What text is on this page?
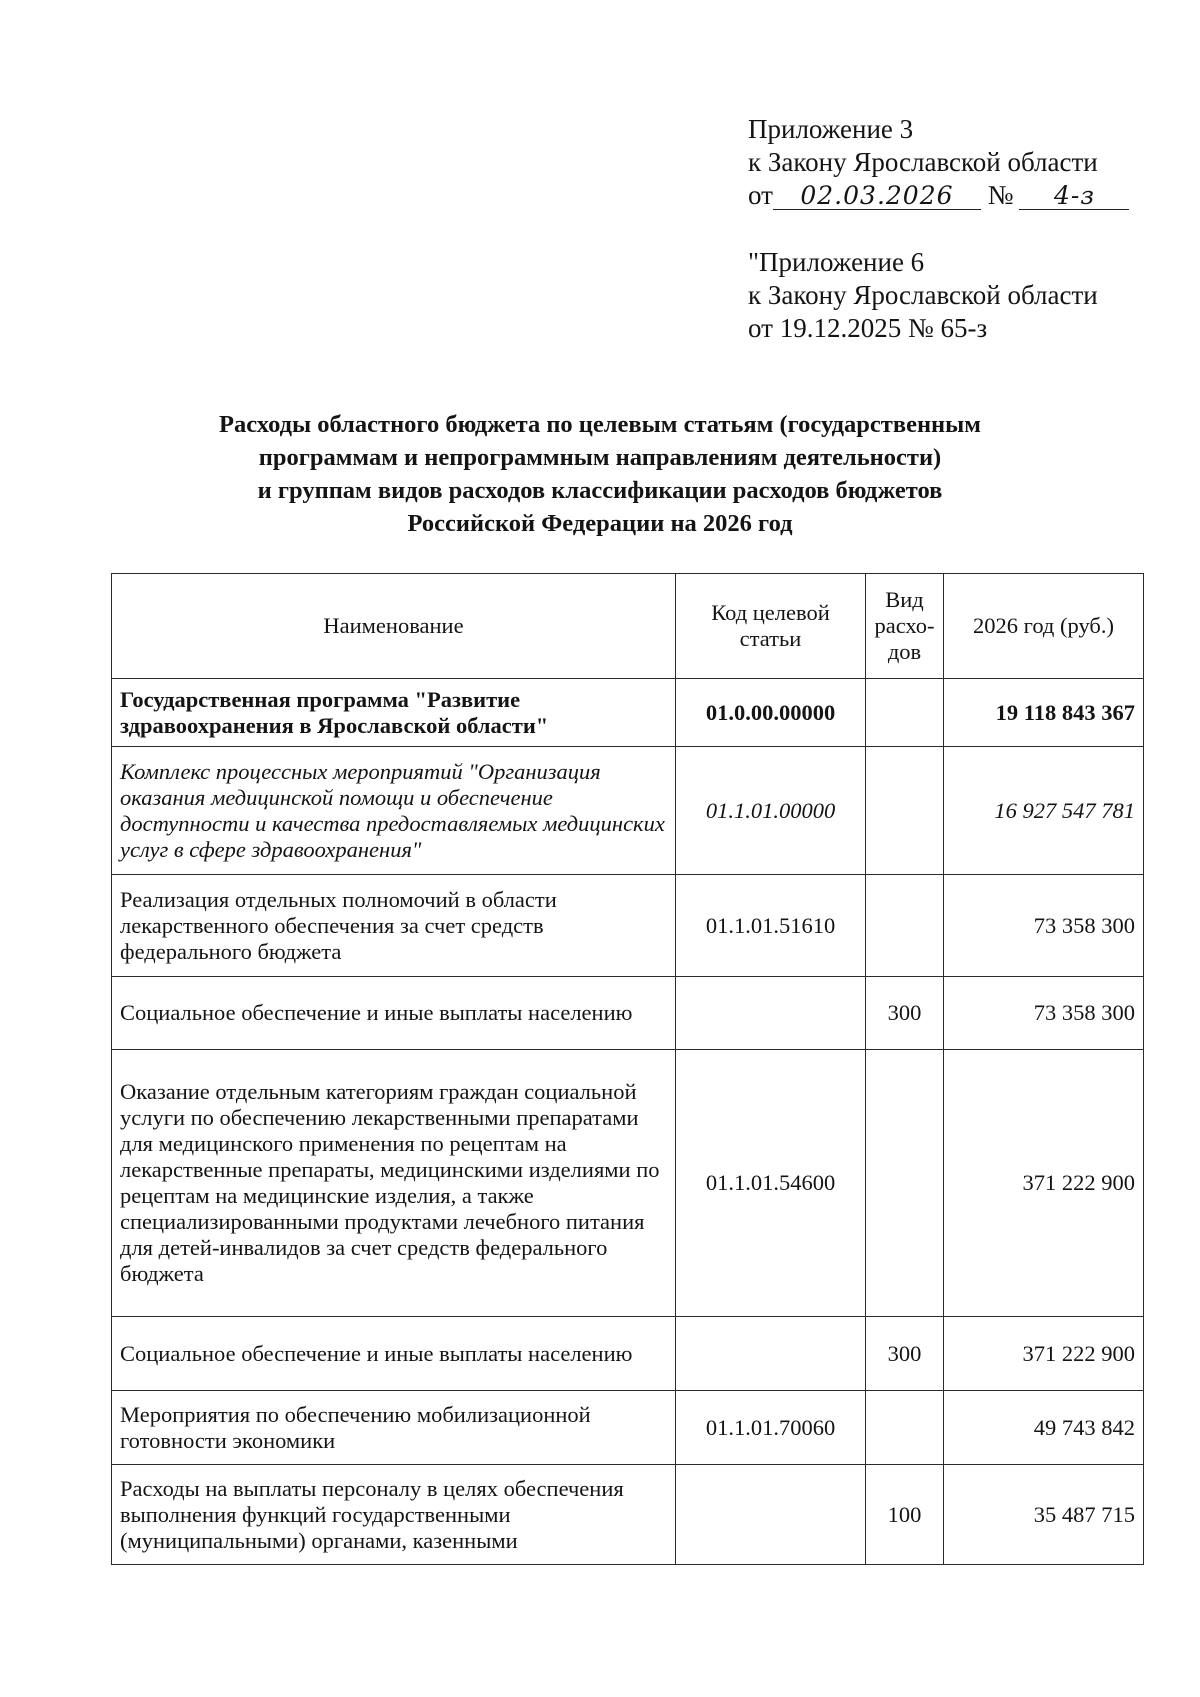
Приложение 3
к Закону Ярославской области
от 02.03.2026 № 4-з
"Приложение 6
к Закону Ярославской области
от 19.12.2025 № 65-з
Расходы областного бюджета по целевым статьям (государственным
программам и непрограммным направлениям деятельности)
и группам видов расходов классификации расходов бюджетов
Российской Федерации на 2026 год
Наименование	Код целевой статьи	Вид расхо-дов	2026 год (руб.)
Государственная программа "Развитие здравоохранения в Ярославской области"	01.0.00.00000		19 118 843 367
Комплекс процессных мероприятий "Организация оказания медицинской помощи и обеспечение доступности и качества предоставляемых медицинских услуг в сфере здравоохранения"	01.1.01.00000		16 927 547 781
Реализация отдельных полномочий в области лекарственного обеспечения за счет средств федерального бюджета	01.1.01.51610		73 358 300
Социальное обеспечение и иные выплаты населению		300	73 358 300
Оказание отдельным категориям граждан социальной услуги по обеспечению лекарственными препаратами для медицинского применения по рецептам на лекарственные препараты, медицинскими изделиями по рецептам на медицинские изделия, а также специализированными продуктами лечебного питания для детей-инвалидов за счет средств федерального бюджета	01.1.01.54600		371 222 900
Социальное обеспечение и иные выплаты населению		300	371 222 900
Мероприятия по обеспечению мобилизационной готовности экономики	01.1.01.70060		49 743 842
Расходы на выплаты персоналу в целях обеспечения выполнения функций государственными (муниципальными) органами, казенными		100	35 487 715
